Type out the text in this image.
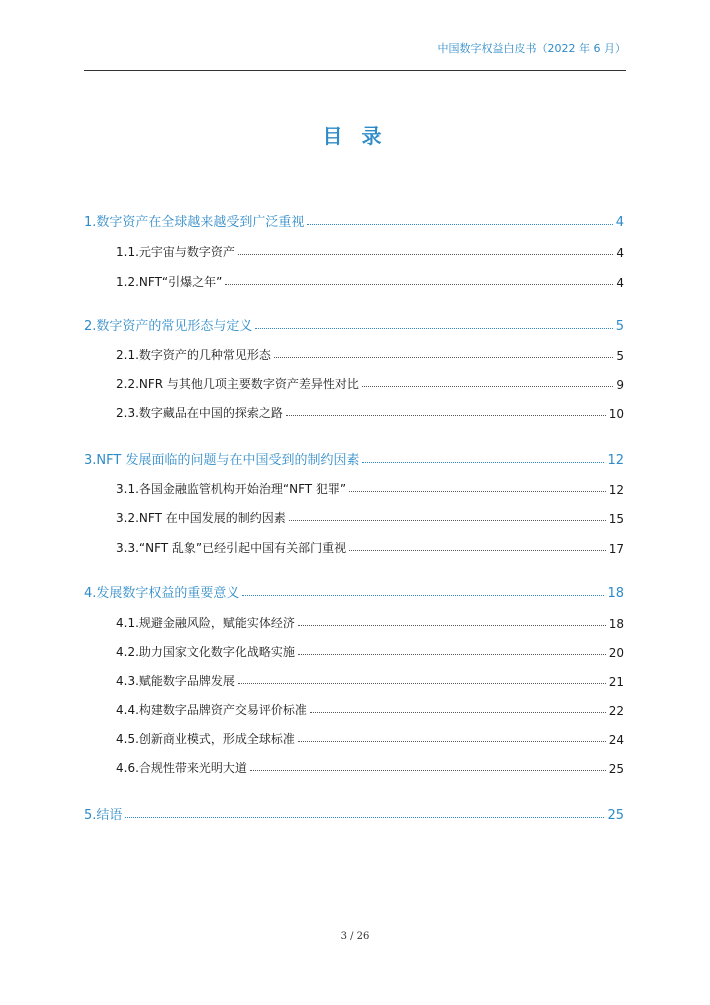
中国数字权益白皮书（2022 年 6 月）
目 录
1.数字资产在全球越来越受到广泛重视	4
1.1.元宇宙与数字资产	4
1.2.NFT“引爆之年”	4
2.数字资产的常见形态与定义	5
2.1.数字资产的几种常见形态	5
2.2.NFR 与其他几项主要数字资产差异性对比	9
2.3.数字藏品在中国的探索之路	10
3.NFT 发展面临的问题与在中国受到的制约因素	12
3.1.各国金融监管机构开始治理“NFT 犯罪”	12
3.2.NFT 在中国发展的制约因素	15
3.3.“NFT 乱象”已经引起中国有关部门重视	17
4.发展数字权益的重要意义	18
4.1.规避金融风险，赋能实体经济	18
4.2.助力国家文化数字化战略实施	20
4.3.赋能数字品牌发展	21
4.4.构建数字品牌资产交易评价标准	22
4.5.创新商业模式，形成全球标准	24
4.6.合规性带来光明大道	25
5.结语	25
3 / 26
